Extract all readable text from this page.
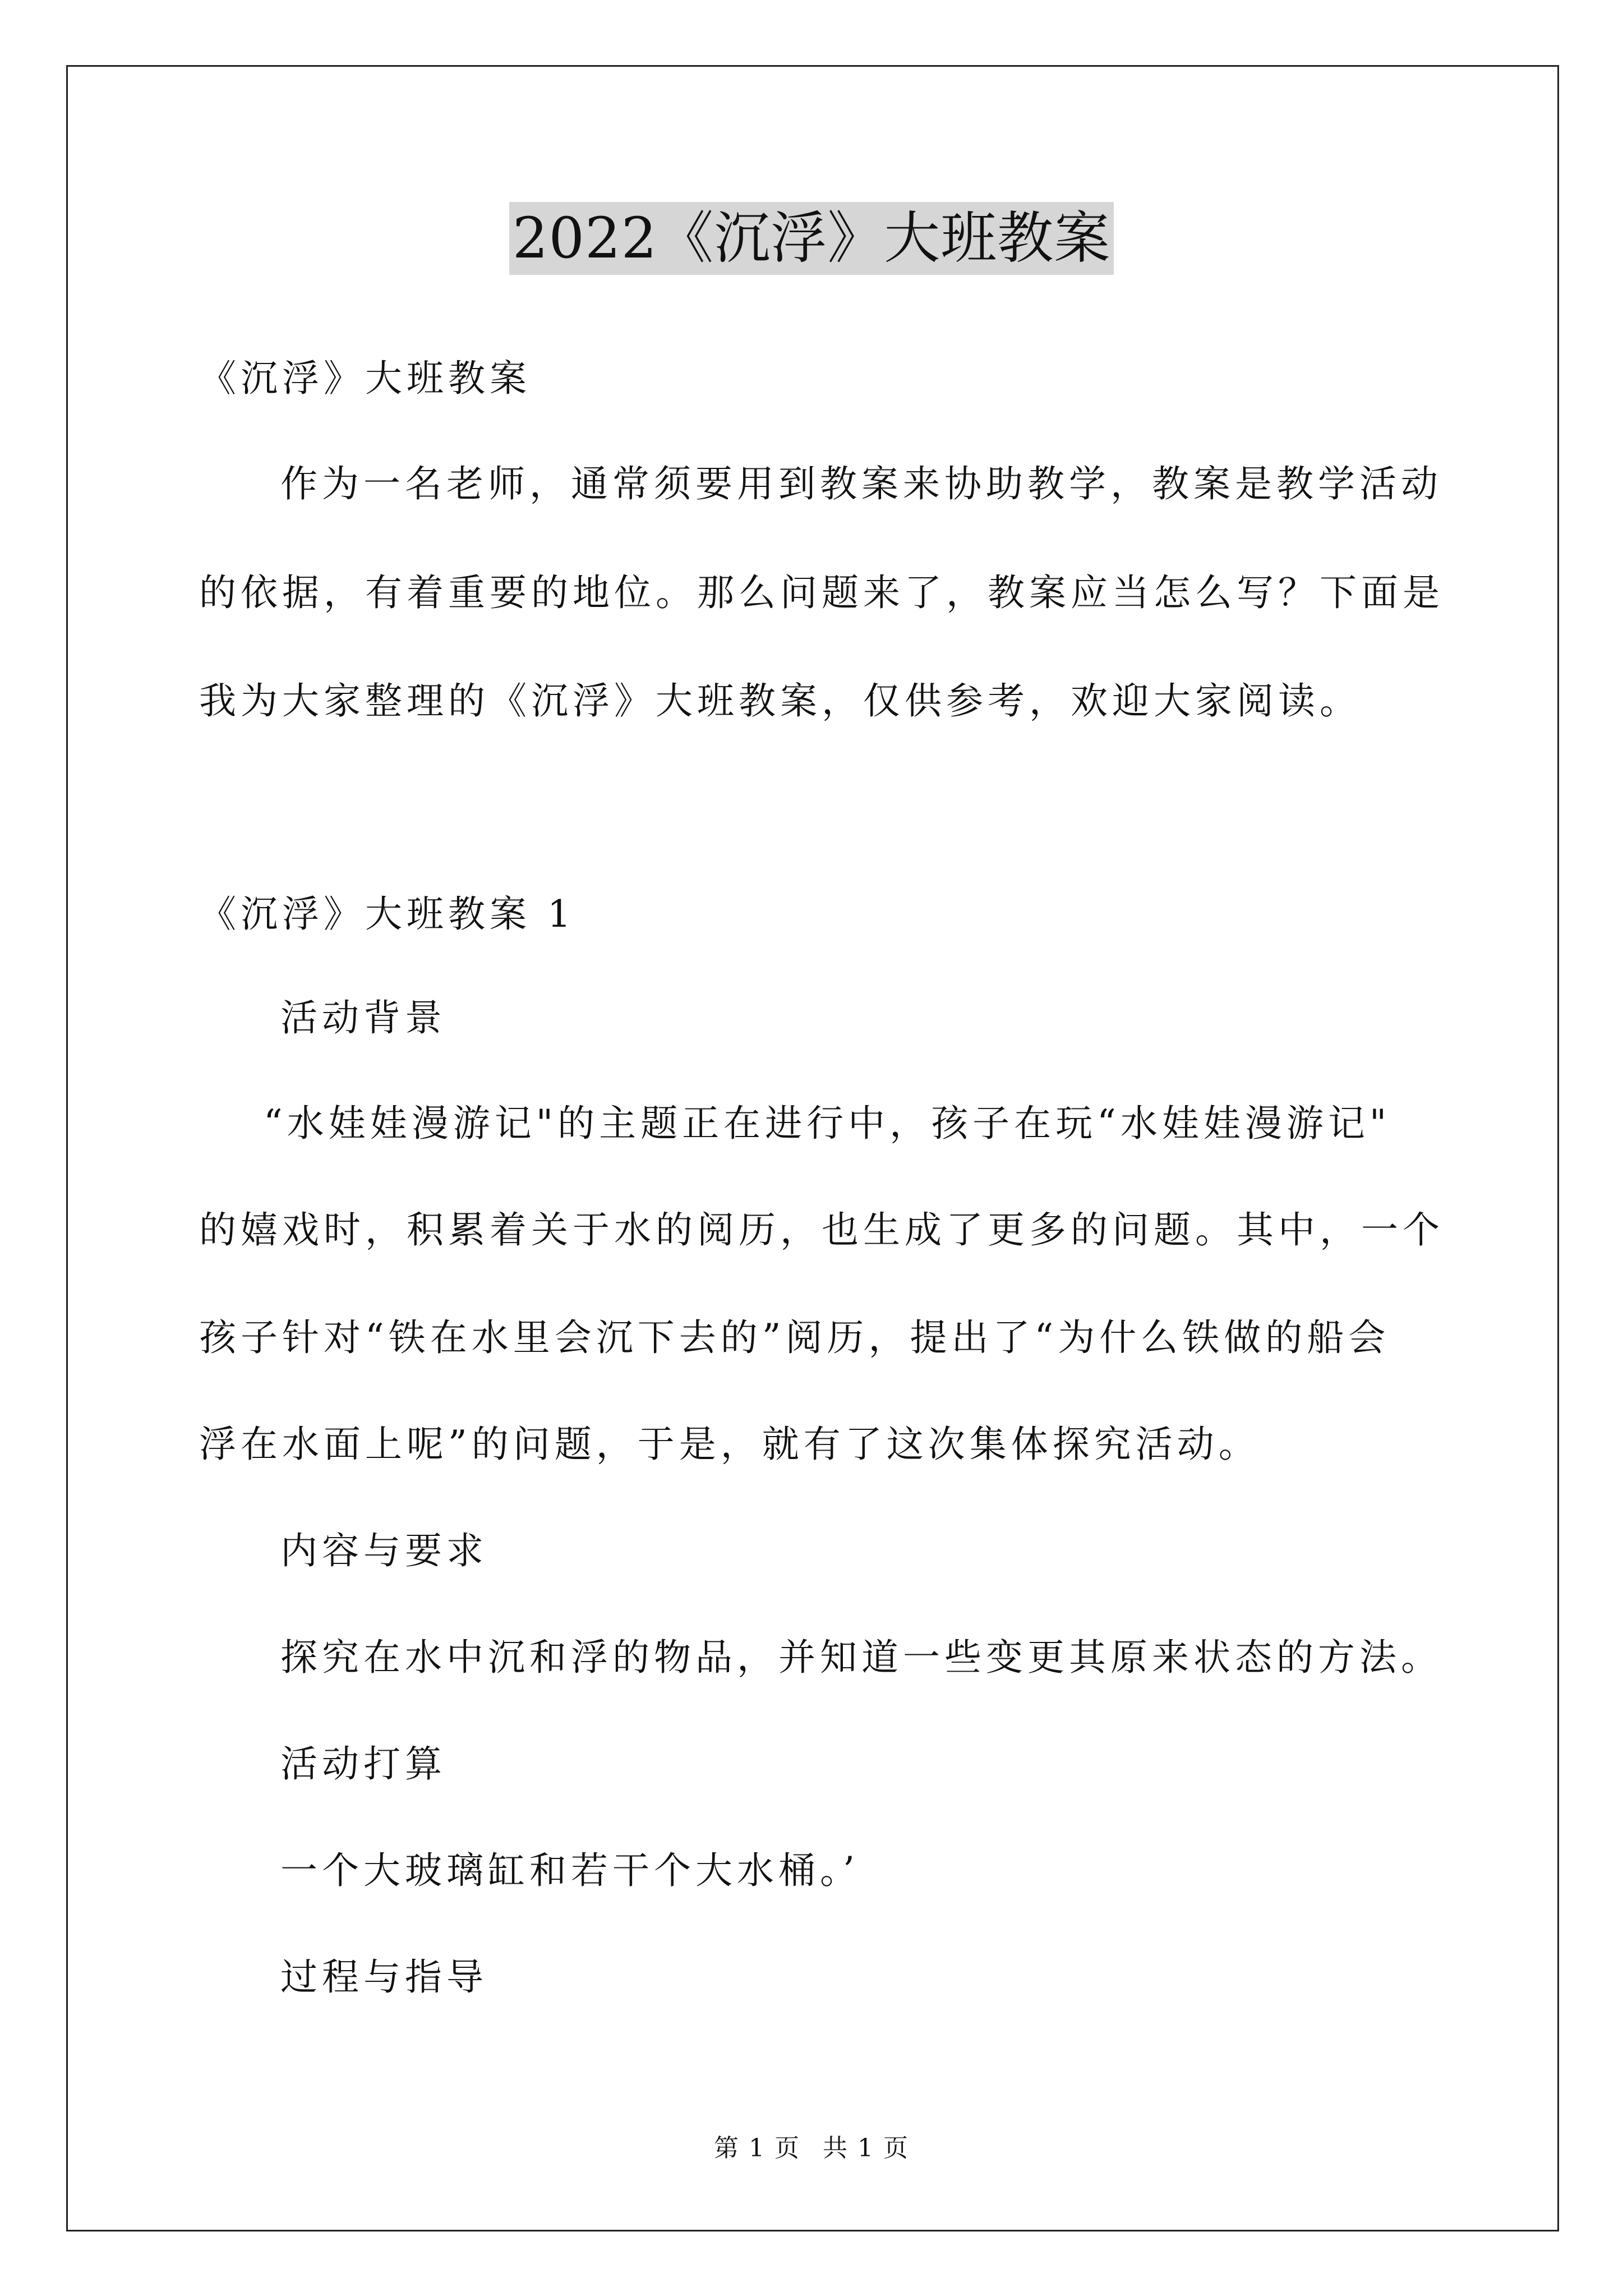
2022《沉浮》大班教案
《沉浮》大班教案
作为一名老师，通常须要用到教案来协助教学，教案是教学活动
的依据，有着重要的地位。那么问题来了，教案应当怎么写？下面是
我为大家整理的《沉浮》大班教案，仅供参考，欢迎大家阅读。
《沉浮》大班教案 1
活动背景
“水娃娃漫游记"的主题正在进行中，孩子在玩“水娃娃漫游记"
的嬉戏时，积累着关于水的阅历，也生成了更多的问题。其中，一个
孩子针对“铁在水里会沉下去的”阅历，提出了“为什么铁做的船会
浮在水面上呢”的问题，于是，就有了这次集体探究活动。
内容与要求
探究在水中沉和浮的物品，并知道一些变更其原来状态的方法。
活动打算
一个大玻璃缸和若干个大水桶。’
过程与指导
第 1 页 共 1 页
